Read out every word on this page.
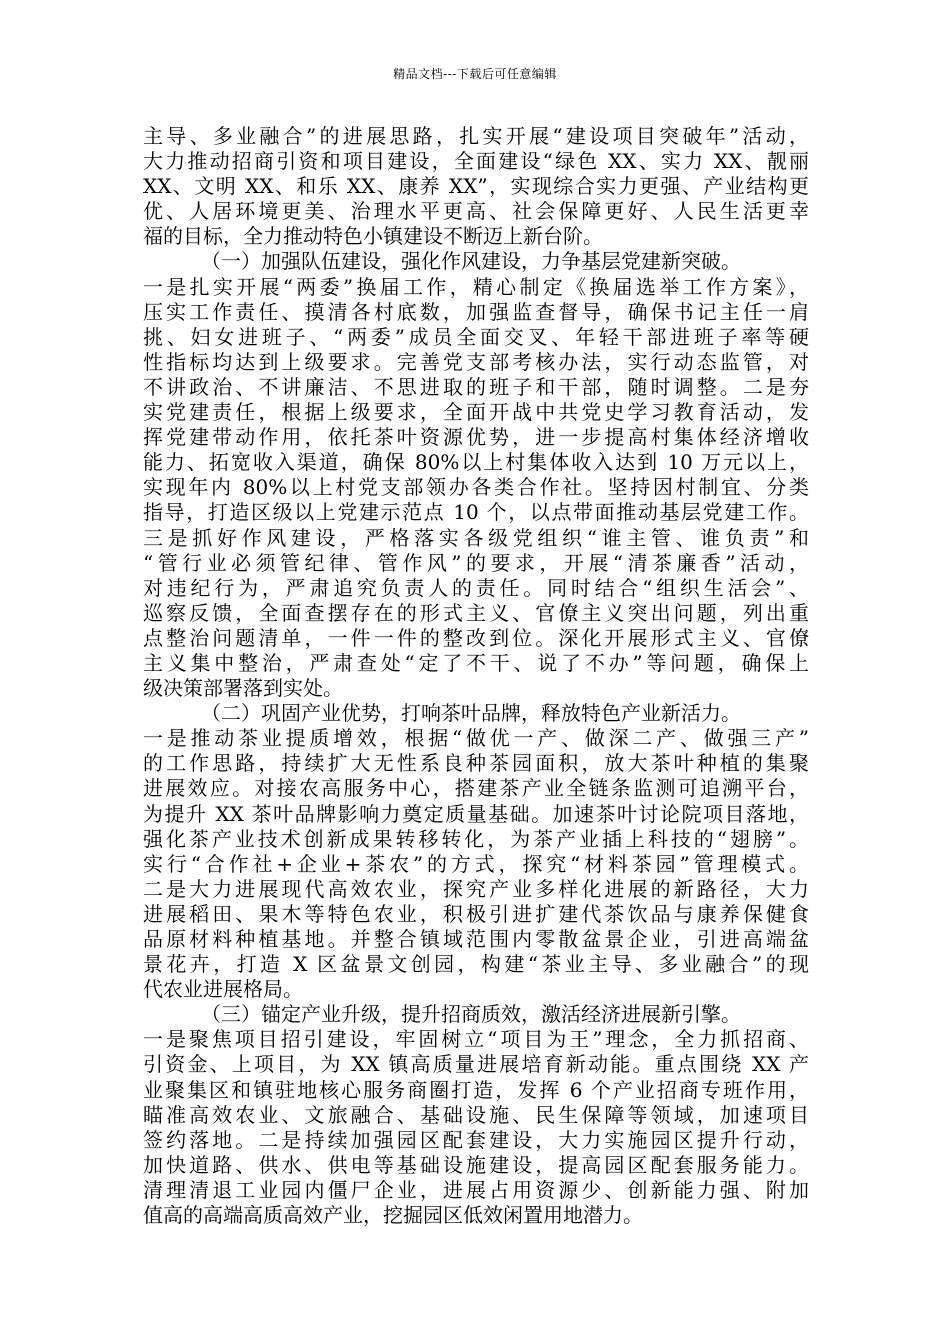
精品文档---下载后可任意编辑
主导、多业融合”的进展思路，扎实开展“建设项目突破年”活动，
大力推动招商引资和项目建设，全面建设“绿色 XX、实力 XX、靓丽
XX、文明 XX、和乐 XX、康养 XX”，实现综合实力更强、产业结构更
优、人居环境更美、治理水平更高、社会保障更好、人民生活更幸
福的目标，全力推动特色小镇建设不断迈上新台阶。
（一）加强队伍建设，强化作风建设，力争基层党建新突破。
一是扎实开展“两委”换届工作，精心制定《换届选举工作方案》，
压实工作责任、摸清各村底数，加强监查督导，确保书记主任一肩
挑、妇女进班子、“两委”成员全面交叉、年轻干部进班子率等硬
性指标均达到上级要求。完善党支部考核办法，实行动态监管，对
不讲政治、不讲廉洁、不思进取的班子和干部，随时调整。二是夯
实党建责任，根据上级要求，全面开战中共党史学习教育活动，发
挥党建带动作用，依托茶叶资源优势，进一步提高村集体经济增收
能力、拓宽收入渠道，确保 80%以上村集体收入达到 10 万元以上，
实现年内 80%以上村党支部领办各类合作社。坚持因村制宜、分类
指导，打造区级以上党建示范点 10 个，以点带面推动基层党建工作。
三是抓好作风建设，严格落实各级党组织“谁主管、谁负责”和
“管行业必须管纪律、管作风”的要求，开展“清茶廉香”活动，
对违纪行为，严肃追究负责人的责任。同时结合“组织生活会”、
巡察反馈，全面查摆存在的形式主义、官僚主义突出问题，列出重
点整治问题清单，一件一件的整改到位。深化开展形式主义、官僚
主义集中整治，严肃查处“定了不干、说了不办”等问题，确保上
级决策部署落到实处。
（二）巩固产业优势，打响茶叶品牌，释放特色产业新活力。
一是推动茶业提质增效，根据“做优一产、做深二产、做强三产”
的工作思路，持续扩大无性系良种茶园面积，放大茶叶种植的集聚
进展效应。对接农高服务中心，搭建茶产业全链条监测可追溯平台，
为提升 XX 茶叶品牌影响力奠定质量基础。加速茶叶讨论院项目落地，
强化茶产业技术创新成果转移转化，为茶产业插上科技的“翅膀”。
实行“合作社+企业+茶农”的方式，探究“材料茶园”管理模式。
二是大力进展现代高效农业，探究产业多样化进展的新路径，大力
进展稻田、果木等特色农业，积极引进扩建代茶饮品与康养保健食
品原材料种植基地。并整合镇域范围内零散盆景企业，引进高端盆
景花卉，打造 X 区盆景文创园，构建“茶业主导、多业融合”的现
代农业进展格局。
（三）锚定产业升级，提升招商质效，激活经济进展新引擎。
一是聚焦项目招引建设，牢固树立“项目为王”理念，全力抓招商、
引资金、上项目，为 XX 镇高质量进展培育新动能。重点围绕 XX 产
业聚集区和镇驻地核心服务商圈打造，发挥 6 个产业招商专班作用，
瞄准高效农业、文旅融合、基础设施、民生保障等领域，加速项目
签约落地。二是持续加强园区配套建设，大力实施园区提升行动，
加快道路、供水、供电等基础设施建设，提高园区配套服务能力。
清理清退工业园内僵尸企业，进展占用资源少、创新能力强、附加
值高的高端高质高效产业，挖掘园区低效闲置用地潜力。
